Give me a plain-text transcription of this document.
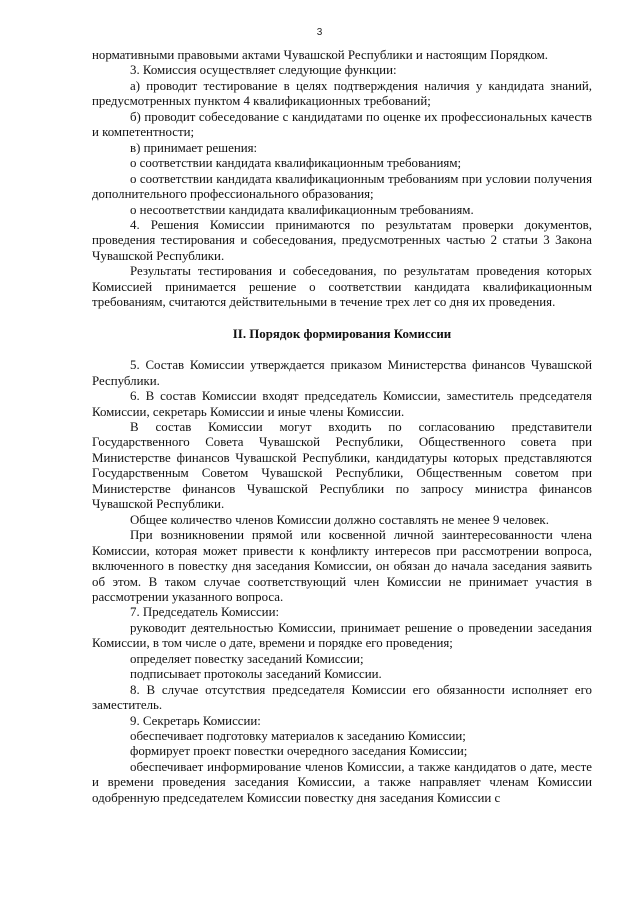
3

нормативными правовыми актами Чувашской Республики и настоящим Порядком.

3. Комиссия осуществляет следующие функции:

а) проводит тестирование в целях подтверждения наличия у кандидата знаний, предусмотренных пунктом 4 квалификационных требований;

б) проводит собеседование с кандидатами по оценке их профессиональных качеств и компетентности;

в) принимает решения:

о соответствии кандидата квалификационным требованиям;

о соответствии кандидата квалификационным требованиям при условии получения дополнительного профессионального образования;

о несоответствии кандидата квалификационным требованиям.

4. Решения Комиссии принимаются по результатам проверки документов, проведения тестирования и собеседования, предусмотренных частью 2 статьи 3 Закона Чувашской Республики.

Результаты тестирования и собеседования, по результатам проведения которых Комиссией принимается решение о соответствии кандидата квалификационным требованиям, считаются действительными в течение трех лет со дня их проведения.

II. Порядок формирования Комиссии

5. Состав Комиссии утверждается приказом Министерства финансов Чувашской Республики.

6. В состав Комиссии входят председатель Комиссии, заместитель председателя Комиссии, секретарь Комиссии и иные члены Комиссии.

В состав Комиссии могут входить по согласованию представители Государственного Совета Чувашской Республики, Общественного совета при Министерстве финансов Чувашской Республики, кандидатуры которых представляются Государственным Советом Чувашской Республики, Общественным советом при Министерстве финансов Чувашской Республики по запросу министра финансов Чувашской Республики.

Общее количество членов Комиссии должно составлять не менее 9 человек.

При возникновении прямой или косвенной личной заинтересованности члена Комиссии, которая может привести к конфликту интересов при рассмотрении вопроса, включенного в повестку дня заседания Комиссии, он обязан до начала заседания заявить об этом. В таком случае соответствующий член Комиссии не принимает участия в рассмотрении указанного вопроса.

7. Председатель Комиссии:

руководит деятельностью Комиссии, принимает решение о проведении заседания Комиссии, в том числе о дате, времени и порядке его проведения;

определяет повестку заседаний Комиссии;

подписывает протоколы заседаний Комиссии.

8. В случае отсутствия председателя Комиссии его обязанности исполняет его заместитель.

9. Секретарь Комиссии:

обеспечивает подготовку материалов к заседанию Комиссии;

формирует проект повестки очередного заседания Комиссии;

обеспечивает информирование членов Комиссии, а также кандидатов о дате, месте и времени проведения заседания Комиссии, а также направляет членам Комиссии одобренную председателем Комиссии повестку дня заседания Комиссии с
